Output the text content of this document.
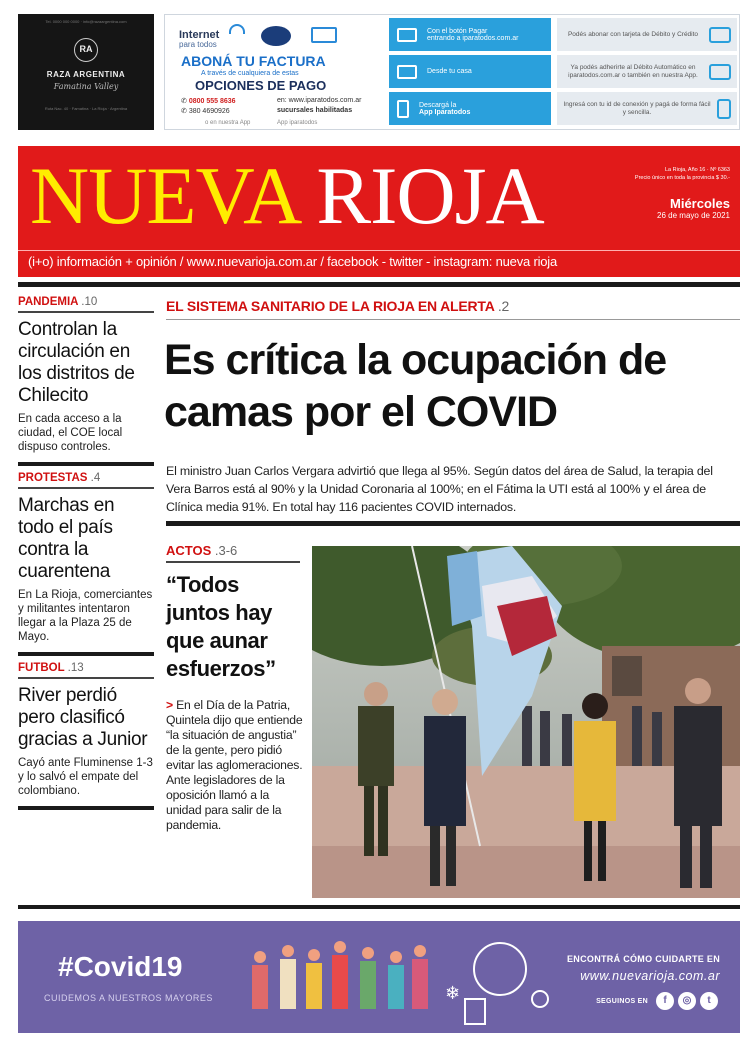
Tel. 0000 000 0000 · info@razaargentina.com
RA
RAZA ARGENTINA
Famatina Valley
Ruta Nac. 40 · Famatina · La Rioja · Argentina
Internet
para todos
ABONÁ TU FACTURA
A través de cualquiera de estas
OPCIONES DE PAGO
✆ 0800 555 8636
✆ 380 4690926
en: www.iparatodos.com.ar
sucursales habilitadas
o en nuestra App	App iparatodos
Con el botón Pagar
entrando a iparatodos.com.ar
Desde tu casa
Descargá la
App Iparatodos
Podés abonar con tarjeta de Débito y Crédito
Ya podés adherirte al Débito Automático en iparatodos.com.ar o también en nuestra App.
Ingresá con tu id de conexión y pagá de forma fácil y sencilla.
NUEVA RIOJA	La Rioja, Año 16 · Nº 6363
Precio único en toda la provincia $ 30.-
Miércoles
26 de mayo de 2021
(i+o) información + opinión / www.nuevarioja.com.ar / facebook - twitter - instagram: nueva rioja
PANDEMIA .10
Controlan la circulación en los distritos de Chilecito
En cada acceso a la ciudad, el COE local dispuso controles.
PROTESTAS .4
Marchas en todo el país contra la cuarentena
En La Rioja, comerciantes y militantes intentaron llegar a la Plaza 25 de Mayo.
FUTBOL .13
River perdió pero clasificó gracias a Junior
Cayó ante Fluminense 1-3 y lo salvó el empate del colombiano.
EL SISTEMA SANITARIO DE LA RIOJA EN ALERTA .2
Es crítica la ocupación de camas por el COVID
El ministro Juan Carlos Vergara advirtió que llega al 95%. Según datos del área de Salud, la terapia del Vera Barros está al 90% y la Unidad Coronaria al 100%; en el Fátima la UTI está al 100% y el área de Clínica media 91%. En total hay 116 pacientes COVID internados.
ACTOS .3-6
“Todos juntos hay que aunar esfuerzos”
> En el Día de la Patria, Quintela dijo que entiende “la situación de angustia” de la gente, pero pidió evitar las aglomeraciones. Ante legisladores de la oposición llamó a la unidad para salir de la pandemia.
#Covid19
CUIDEMOS A NUESTROS MAYORES	❄
ENCONTRÁ CÓMO CUIDARTE EN
www.nuevarioja.com.ar
SEGUINOS EN	f	◎	t
